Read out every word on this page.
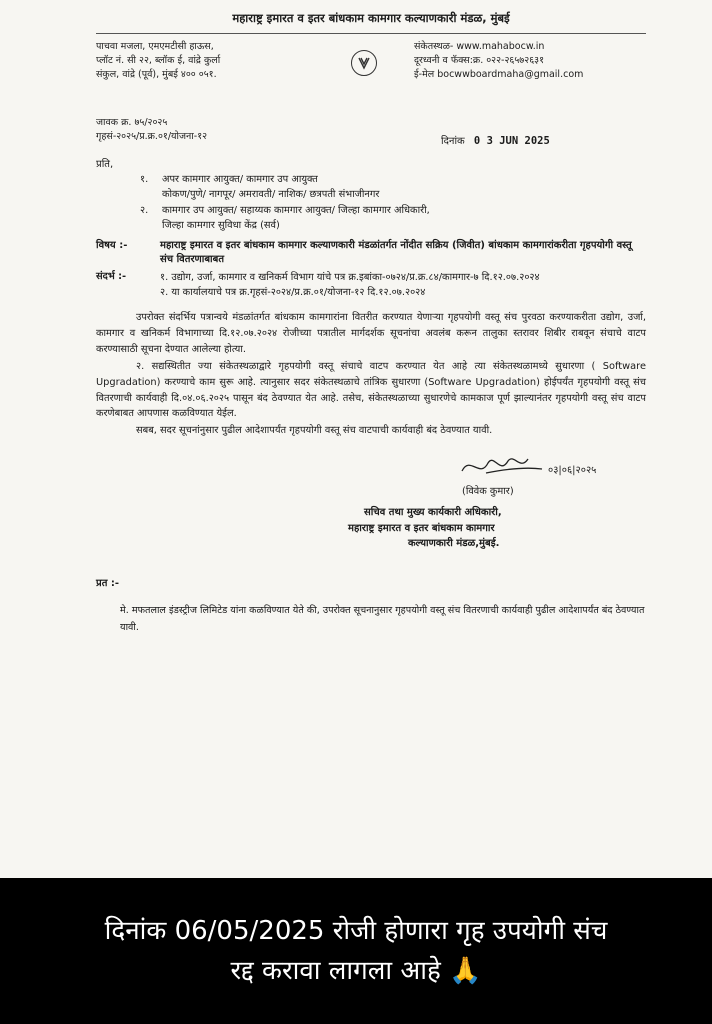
महाराष्ट्र इमारत व इतर बांधकाम कामगार कल्याणकारी मंडळ, मुंबई
पाचवा मजला, एमएमटीसी हाऊस,
प्लॉट नं. सी २२, ब्लॉक ई, वांद्रे कुर्ला
संकुल, वांद्रे (पूर्व), मुंबई ४०० ०५१.
संकेतस्थळ- www.mahabocw.in
दूरध्वनी व फॅक्स:क्र. ०२२-२६५७२६३१
ई-मेल bocwwboardmaha@gmail.com
जावक क्र. ७५/२०२५
गृहसं-२०२५/प्र.क्र.०१/योजना-१२	दिनांक 0 3 JUN 2025
प्रति,
१. अपर कामगार आयुक्त/ कामगार उप आयुक्त
कोकण/पुणे/ नागपूर/ अमरावती/ नाशिक/ छत्रपती संभाजीनगर
२. कामगार उप आयुक्त/ सहाय्यक कामगार आयुक्त/ जिल्हा कामगार अधिकारी,
जिल्हा कामगार सुविधा केंद्र (सर्व)
विषय :-	महाराष्ट्र इमारत व इतर बांधकाम कामगार कल्याणकारी मंडळांतर्गत नोंदीत सक्रिय (जिवीत) बांधकाम कामगारांकरीता गृहपयोगी वस्तू संच वितरणाबाबत
संदर्भ :-	१. उद्योग, उर्जा, कामगार व खनिकर्म विभाग यांचे पत्र क्र.इबांका-०७२४/प्र.क्र.८४/कामगार-७ दि.१२.०७.२०२४
२. या कार्यालयाचे पत्र क्र.गृहसं-२०२४/प्र.क्र.०१/योजना-१२ दि.१२.०७.२०२४

उपरोक्त संदर्भिय पत्रान्वये मंडळांतर्गत बांधकाम कामगारांना वितरीत करण्यात येणाऱ्या गृहपयोगी वस्तू संच पुरवठा करण्याकरीता उद्योग, उर्जा, कामगार व खनिकर्म विभागाच्या दि.१२.०७.२०२४ रोजीच्या पत्रातील मार्गदर्शक सूचनांचा अवलंब करून तालुका स्तरावर शिबीर राबवून संचाचे वाटप करण्यासाठी सूचना देण्यात आलेल्या होत्या.

२. सद्यस्थितीत ज्या संकेतस्थळाद्वारे गृहपयोगी वस्तू संचाचे वाटप करण्यात येत आहे त्या संकेतस्थळामध्ये सुधारणा ( Software Upgradation) करण्याचे काम सुरू आहे. त्यानुसार सदर संकेतस्थळाचे तांत्रिक सुधारणा (Software Upgradation) होईपर्यंत गृहपयोगी वस्तू संच वितरणाची कार्यवाही दि.०४.०६.२०२५ पासून बंद ठेवण्यात येत आहे. तसेच, संकेतस्थळाच्या सुधारणेचे कामकाज पूर्ण झाल्यानंतर गृहपयोगी वस्तू संच वाटप करणेबाबत आपणास कळविण्यात येईल.

सबब, सदर सूचनांनुसार पुढील आदेशापर्यंत गृहपयोगी वस्तू संच वाटपाची कार्यवाही बंद ठेवण्यात यावी.

०३|०६|२०२५
(विवेक कुमार)
सचिव तथा मुख्य कार्यकारी अधिकारी,
महाराष्ट्र इमारत व इतर बांधकाम कामगार
कल्याणकारी मंडळ,मुंबई.
प्रत :-
मे. मफतलाल इंडस्ट्रीज लिमिटेड यांना कळविण्यात येते की, उपरोक्त सूचनानुसार गृहपयोगी वस्तू संच वितरणाची कार्यवाही पुढील आदेशापर्यंत बंद ठेवण्यात यावी.
दिनांक 06/05/2025 रोजी होणारा गृह उपयोगी संच
रद्द करावा लागला आहे 🙏
